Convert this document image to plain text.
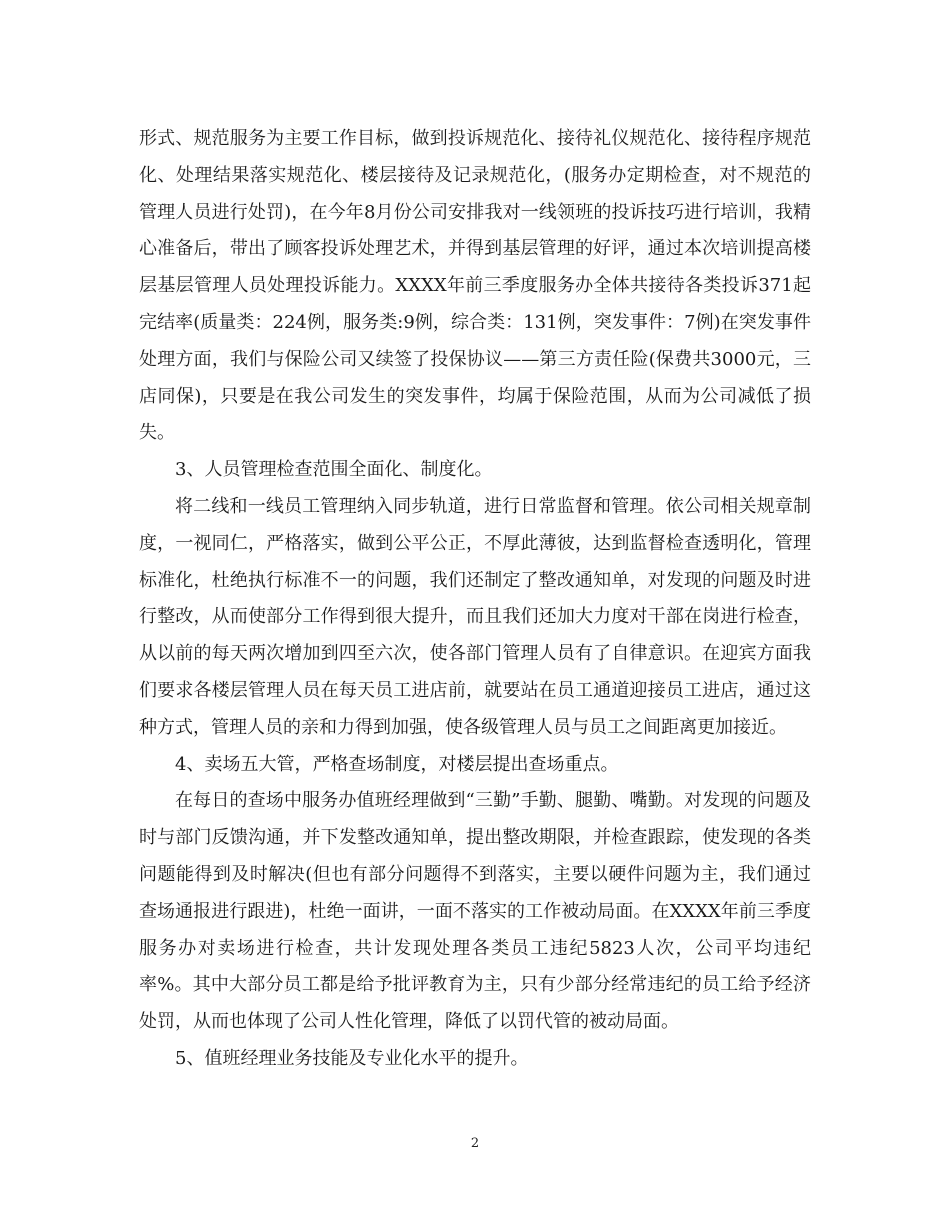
形式、规范服务为主要工作目标，做到投诉规范化、接待礼仪规范化、接待程序规范化、处理结果落实规范化、楼层接待及记录规范化，(服务办定期检查，对不规范的管理人员进行处罚)，在今年8月份公司安排我对一线领班的投诉技巧进行培训，我精心准备后，带出了顾客投诉处理艺术，并得到基层管理的好评，通过本次培训提高楼层基层管理人员处理投诉能力。XXXX年前三季度服务办全体共接待各类投诉371起完结率(质量类：224例，服务类:9例，综合类：131例，突发事件：7例)在突发事件处理方面，我们与保险公司又续签了投保协议——第三方责任险(保费共3000元，三店同保)，只要是在我公司发生的突发事件，均属于保险范围，从而为公司减低了损失。

3、人员管理检查范围全面化、制度化。

将二线和一线员工管理纳入同步轨道，进行日常监督和管理。依公司相关规章制度，一视同仁，严格落实，做到公平公正，不厚此薄彼，达到监督检查透明化，管理标准化，杜绝执行标准不一的问题，我们还制定了整改通知单，对发现的问题及时进行整改，从而使部分工作得到很大提升，而且我们还加大力度对干部在岗进行检查，从以前的每天两次增加到四至六次，使各部门管理人员有了自律意识。在迎宾方面我们要求各楼层管理人员在每天员工进店前，就要站在员工通道迎接员工进店，通过这种方式，管理人员的亲和力得到加强，使各级管理人员与员工之间距离更加接近。

4、卖场五大管，严格查场制度，对楼层提出查场重点。

在每日的查场中服务办值班经理做到“三勤”手勤、腿勤、嘴勤。对发现的问题及时与部门反馈沟通，并下发整改通知单，提出整改期限，并检查跟踪，使发现的各类问题能得到及时解决(但也有部分问题得不到落实，主要以硬件问题为主，我们通过查场通报进行跟进)，杜绝一面讲，一面不落实的工作被动局面。在XXXX年前三季度服务办对卖场进行检查，共计发现处理各类员工违纪5823人次，公司平均违纪率%。其中大部分员工都是给予批评教育为主，只有少部分经常违纪的员工给予经济处罚，从而也体现了公司人性化管理，降低了以罚代管的被动局面。

5、值班经理业务技能及专业化水平的提升。

2
